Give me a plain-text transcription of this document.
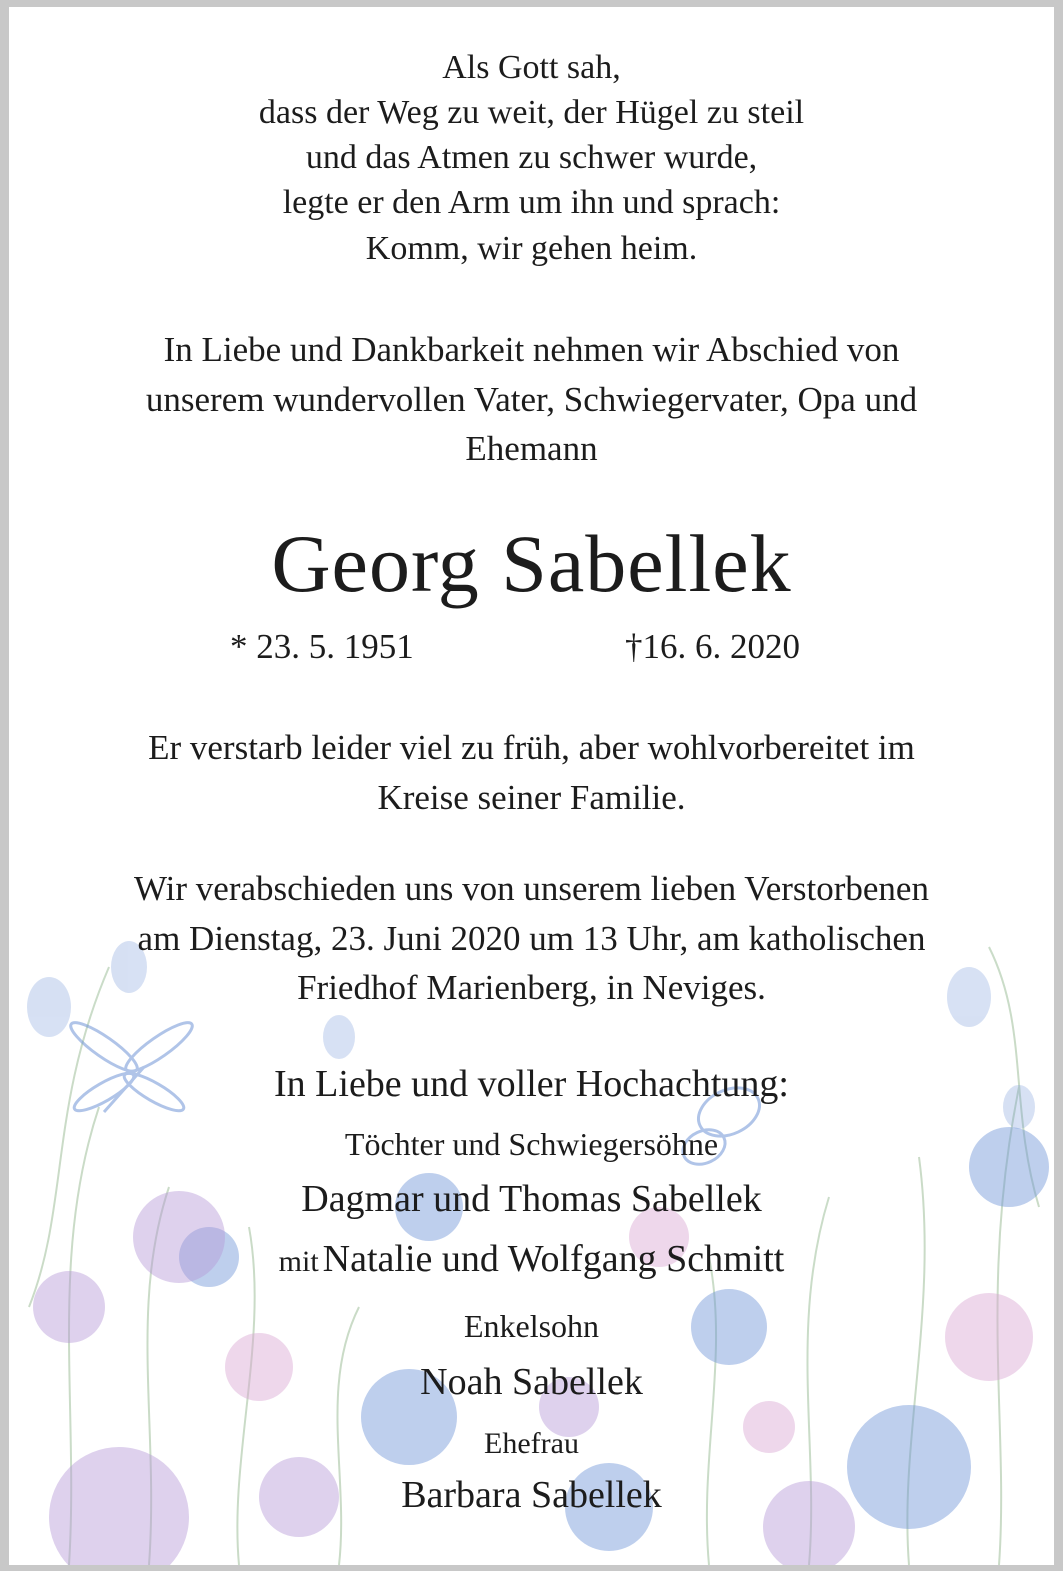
Als Gott sah,
dass der Weg zu weit, der Hügel zu steil
und das Atmen zu schwer wurde,
legte er den Arm um ihn und sprach:
Komm, wir gehen heim.
In Liebe und Dankbarkeit nehmen wir Abschied von
unserem wundervollen Vater, Schwiegervater, Opa und
Ehemann
Georg Sabellek
* 23. 5. 1951	†16. 6. 2020
Er verstarb leider viel zu früh, aber wohlvorbereitet im
Kreise seiner Familie.
Wir verabschieden uns von unserem lieben Verstorbenen
am Dienstag, 23. Juni 2020 um 13 Uhr, am katholischen
Friedhof Marienberg, in Neviges.
In Liebe und voller Hochachtung:
Töchter und Schwiegersöhne
Dagmar und Thomas Sabellek
mit Natalie und Wolfgang Schmitt
Enkelsohn
Noah Sabellek
Ehefrau
Barbara Sabellek
